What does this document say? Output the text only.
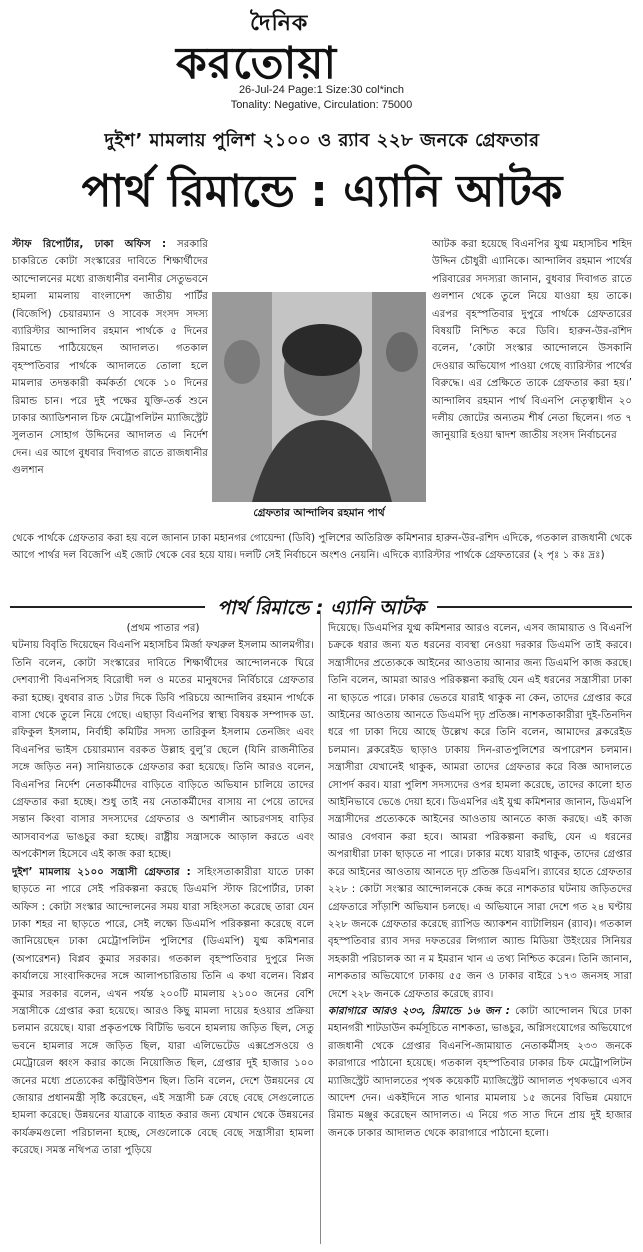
দৈনিক
করতোয়া
26-Jul-24 Page:1 Size:30 col*inch
Tonality: Negative, Circulation: 75000
দুইশ’ মামলায় পুলিশ ২১০০ ও র‌্যাব ২২৮ জনকে গ্রেফতার
পার্থ রিমান্ডে : এ্যানি আটক

স্টাফ রিপোর্টার, ঢাকা অফিস : সরকারি চাকরিতে কোটা সংস্কারের দাবিতে শিক্ষার্থীদের আন্দোলনের মধ্যে রাজধানীর বনানীর সেতুভবনে হামলা মামলায় বাংলাদেশ জাতীয় পার্টির (বিজেপি) চেয়ারম্যান ও সাবেক সংসদ সদস্য ব্যারিস্টার আন্দালিব রহমান পার্থকে ৫ দিনের রিমান্ডে পাঠিয়েছেন আদালত। গতকাল বৃহস্পতিবার পার্থকে আদালতে তোলা হলে মামলার তদন্তকারী কর্মকর্তা থেকে ১০ দিনের রিমান্ড চান। পরে দুই পক্ষের যুক্তি-তর্ক শুনে ঢাকার অ্যাডিশনাল চিফ মেট্রোপলিটন ম্যাজিস্ট্রেট সুলতান সোহাগ উদ্দিনের আদালত এ নির্দেশ দেন। এর আগে বুধবার দিবাগত রাতে রাজধানীর গুলশান

গ্রেফতার আন্দালিব রহমান পার্থ

আটক করা হয়েছে বিএনপির যুগ্ম মহাসচিব শহিদ উদ্দিন চৌধুরী এ্যানিকে। আন্দালিব রহমান পার্থের পরিবারের সদস্যরা জানান, বুধবার দিবাগত রাতে গুলশান থেকে তুলে নিয়ে যাওয়া হয় তাকে। এরপর বৃহস্পতিবার দুপুরে পার্থকে গ্রেফতারের বিষয়টি নিশ্চিত করে ডিবি। হারুন-উর-রশিদ বলেন, ‘কোটা সংস্কার আন্দোলনে উসকানি দেওয়ার অভিযোগ পাওয়া গেছে ব্যারিস্টার পার্থের বিরুদ্ধে। এর প্রেক্ষিতে তাকে গ্রেফতার করা হয়।’ আন্দালিব রহমান পার্থ বিএনপি নেতৃত্বাধীন ২০ দলীয় জোটের অন্যতম শীর্ষ নেতা ছিলেন। গত ৭ জানুয়ারি হওয়া দ্বাদশ জাতীয় সংসদ নির্বাচনের

থেকে পার্থকে গ্রেফতার করা হয় বলে জানান ঢাকা মহানগর গোয়েন্দা (ডিবি) পুলিশের অতিরিক্ত কমিশনার হারুন-উর-রশিদ এদিকে, গতকাল রাজধানী থেকে আগে পার্থর দল বিজেপি এই জোট থেকে বের হয়ে যায়। দলটি সেই নির্বাচনে অংশও নেয়নি। এদিকে ব্যারিস্টার পার্থকে গ্রেফতারের (২ পৃঃ ১ কঃ দ্রঃ)

পার্থ রিমান্ডে : এ্যানি আটক

(প্রথম পাতার পর)

ঘটনায় বিবৃতি দিয়েছেন বিএনপি মহাসচিব মির্জা ফখরুল ইসলাম আলমগীর। তিনি বলেন, কোটা সংস্কারের দাবিতে শিক্ষার্থীদের আন্দোলনকে ঘিরে দেশব্যাপী বিএনপিসহ বিরোধী দল ও মতের মানুষদের নির্বিচারে গ্রেফতার করা হচ্ছে। বুধবার রাত ১টার দিকে ডিবি পরিচয়ে আন্দালিব রহমান পার্থকে বাসা থেকে তুলে নিয়ে গেছে। এছাড়া বিএনপির স্বাস্থ্য বিষয়ক সম্পাদক ডা. রফিকুল ইসলাম, নির্বাহী কমিটির সদস্য তারিকুল ইসলাম তেনজিং এবং বিএনপির ভাইস চেয়ারম্যান বরকত উল্লাহ বুলু’র ছেলে (যিনি রাজনীতির সঙ্গে জড়িত নন) সানিয়াতকে গ্রেফতার করা হয়েছে। তিনি আরও বলেন, বিএনপির নির্দেশ নেতাকর্মীদের বাড়িতে বাড়িতে অভিযান চালিয়ে তাদের গ্রেফতার করা হচ্ছে। শুধু তাই নয় নেতাকর্মীদের বাসায় না পেয়ে তাদের সন্তান কিংবা বাসার সদস্যদের গ্রেফতার ও অশালীন আচরণসহ বাড়ির আসবাবপত্র ভাঙচুর করা হচ্ছে। রাষ্ট্রীয় সন্ত্রাসকে আড়াল করতে এবং অপকৌশল হিসেবে এই কাজ করা হচ্ছে।

দুইশ’ মামলায় ২১০০ সন্ত্রাসী গ্রেফতার : সহিংসতাকারীরা যাতে ঢাকা ছাড়তে না পারে সেই পরিকল্পনা করছে ডিএমপি স্টাফ রিপোর্টার, ঢাকা অফিস : কোটা সংস্কার আন্দোলনের সময় যারা সহিংসতা করেছে তারা যেন ঢাকা শহর না ছাড়তে পারে, সেই লক্ষ্যে ডিএমপি পরিকল্পনা করেছে বলে জানিয়েছেন ঢাকা মেট্রোপলিটন পুলিশের (ডিএমপি) যুগ্ম কমিশনার (অপারেশন) বিপ্লব কুমার সরকার। গতকাল বৃহস্পতিবার দুপুরে নিজ কার্যালয়ে সাংবাদিকদের সঙ্গে আলাপচারিতায় তিনি এ কথা বলেন। বিপ্লব কুমার সরকার বলেন, এখন পর্যন্ত ২০০টি মামলায় ২১০০ জনের বেশি সন্ত্রাসীকে গ্রেপ্তার করা হয়েছে। আরও কিছু মামলা দায়ের হওয়ার প্রক্রিয়া চলমান রয়েছে। যারা প্রকৃতপক্ষে বিটিভি ভবনে হামলায় জড়িত ছিল, সেতু ভবনে হামলার সঙ্গে জড়িত ছিল, যারা এলিভেটেড এক্সপ্রেসওয়ে ও মেট্রোরেল ধ্বংস করার কাজে নিয়োজিত ছিল, গ্রেপ্তার দুই হাজার ১০০ জনের মধ্যে প্রত্যেকের কন্ট্রিবিউশন ছিল। তিনি বলেন, দেশে উন্নয়নের যে জোয়ার প্রধানমন্ত্রী সৃষ্টি করেছেন, এই সন্ত্রাসী চক্র বেছে বেছে সেগুলোতে হামলা করেছে। উন্নয়নের যাত্রাকে ব্যাহত করার জন্য যেখান থেকে উন্নয়নের কার্যক্রমগুলো পরিচালনা হচ্ছে, সেগুলোকে বেছে বেছে সন্ত্রাসীরা হামলা করেছে। সমস্ত নথিপত্র তারা পুড়িয়ে

দিয়েছে। ডিএমপির যুগ্ম কমিশনার আরও বলেন, এসব জামায়াত ও বিএনপি চক্রকে ধরার জন্য যত ধরনের ব্যবস্থা নেওয়া দরকার ডিএমপি তাই করবে। সন্ত্রাসীদের প্রত্যেককে আইনের আওতায় আনার জন্য ডিএমপি কাজ করছে। তিনি বলেন, আমরা আরও পরিকল্পনা করছি যেন এই ধরনের সন্ত্রাসীরা ঢাকা না ছাড়তে পারে। ঢাকার ভেতরে যারাই থাকুক না কেন, তাদের গ্রেপ্তার করে আইনের আওতায় আনতে ডিএমপি দৃঢ় প্রতিজ্ঞ। নাশকতাকারীরা দুই-তিনদিন ধরে গা ঢাকা দিয়ে আছে উল্লেখ করে তিনি বলেন, আমাদের ব্লকরেইড চলমান। ব্লকরেইড ছাড়াও ঢাকায় দিন-রাতপুলিশের অপারেশন চলমান। সন্ত্রাসীরা যেখানেই থাকুক, আমরা তাদের গ্রেফতার করে বিজ্ঞ আদালতে সোপর্দ করব। যারা পুলিশ সদস্যদের ওপর হামলা করেছে, তাদের কালো হাত আইনিভাবে ভেঙে দেয়া হবে। ডিএমপির এই যুগ্ম কমিশনার জানান, ডিএমপি সন্ত্রাসীদের প্রত্যেককে আইনের আওতায় আনতে কাজ করছে। এই কাজ আরও বেগবান করা হবে। আমরা পরিকল্পনা করছি, যেন এ ধরনের অপরাধীরা ঢাকা ছাড়তে না পারে। ঢাকার মধ্যে যারাই থাকুক, তাদের গ্রেপ্তার করে আইনের আওতায় আনতে দৃঢ় প্রতিজ্ঞ ডিএমপি। র‌্যাবের হাতে গ্রেফতার ২২৮ : কোটা সংস্কার আন্দোলনকে কেন্দ্র করে নাশকতার ঘটনায় জড়িতদের গ্রেফতারে সাঁড়াশি অভিযান চলছে। এ অভিযানে সারা দেশে গত ২৪ ঘণ্টায় ২২৮ জনকে গ্রেফতার করেছে র‌্যাপিড অ্যাকশন ব্যাটালিয়ন (র‌্যাব)। গতকাল বৃহস্পতিবার র‌্যাব সদর দফতরের লিগ্যাল অ্যান্ড মিডিয়া উইংয়ের সিনিয়র সহকারী পরিচালক আ ন ম ইমরান খান এ তথ্য নিশ্চিত করেন। তিনি জানান, নাশকতার অভিযোগে ঢাকায় ৫৫ জন ও ঢাকার বাইরে ১৭৩ জনসহ সারা দেশে ২২৮ জনকে গ্রেফতার করেছে র‌্যাব।

কারাগারে আরও ২৩৩, রিমান্ডে ১৬ জন : কোটা আন্দোলন ঘিরে ঢাকা মহানগরী শাটডাউন কর্মসূচিতে নাশকতা, ভাঙচুর, অগ্নিসংযোগের অভিযোগে রাজধানী থেকে গ্রেপ্তার বিএনপি-জামায়াত নেতাকর্মীসহ ২৩৩ জনকে কারাগারে পাঠানো হয়েছে। গতকাল বৃহস্পতিবার ঢাকার চিফ মেট্রোপলিটন ম্যাজিস্ট্রেট আদালতের পৃথক কয়েকটি ম্যাজিস্ট্রেট আদালত পৃথকভাবে এসব আদেশ দেন। একইদিনে সাত থানার মামলায় ১৫ জনের বিভিন্ন মেয়াদে রিমান্ড মঞ্জুর করেছেন আদালত। এ নিয়ে গত সাত দিনে প্রায় দুই হাজার জনকে ঢাকার আদালত থেকে কারাগারে পাঠানো হলো।
